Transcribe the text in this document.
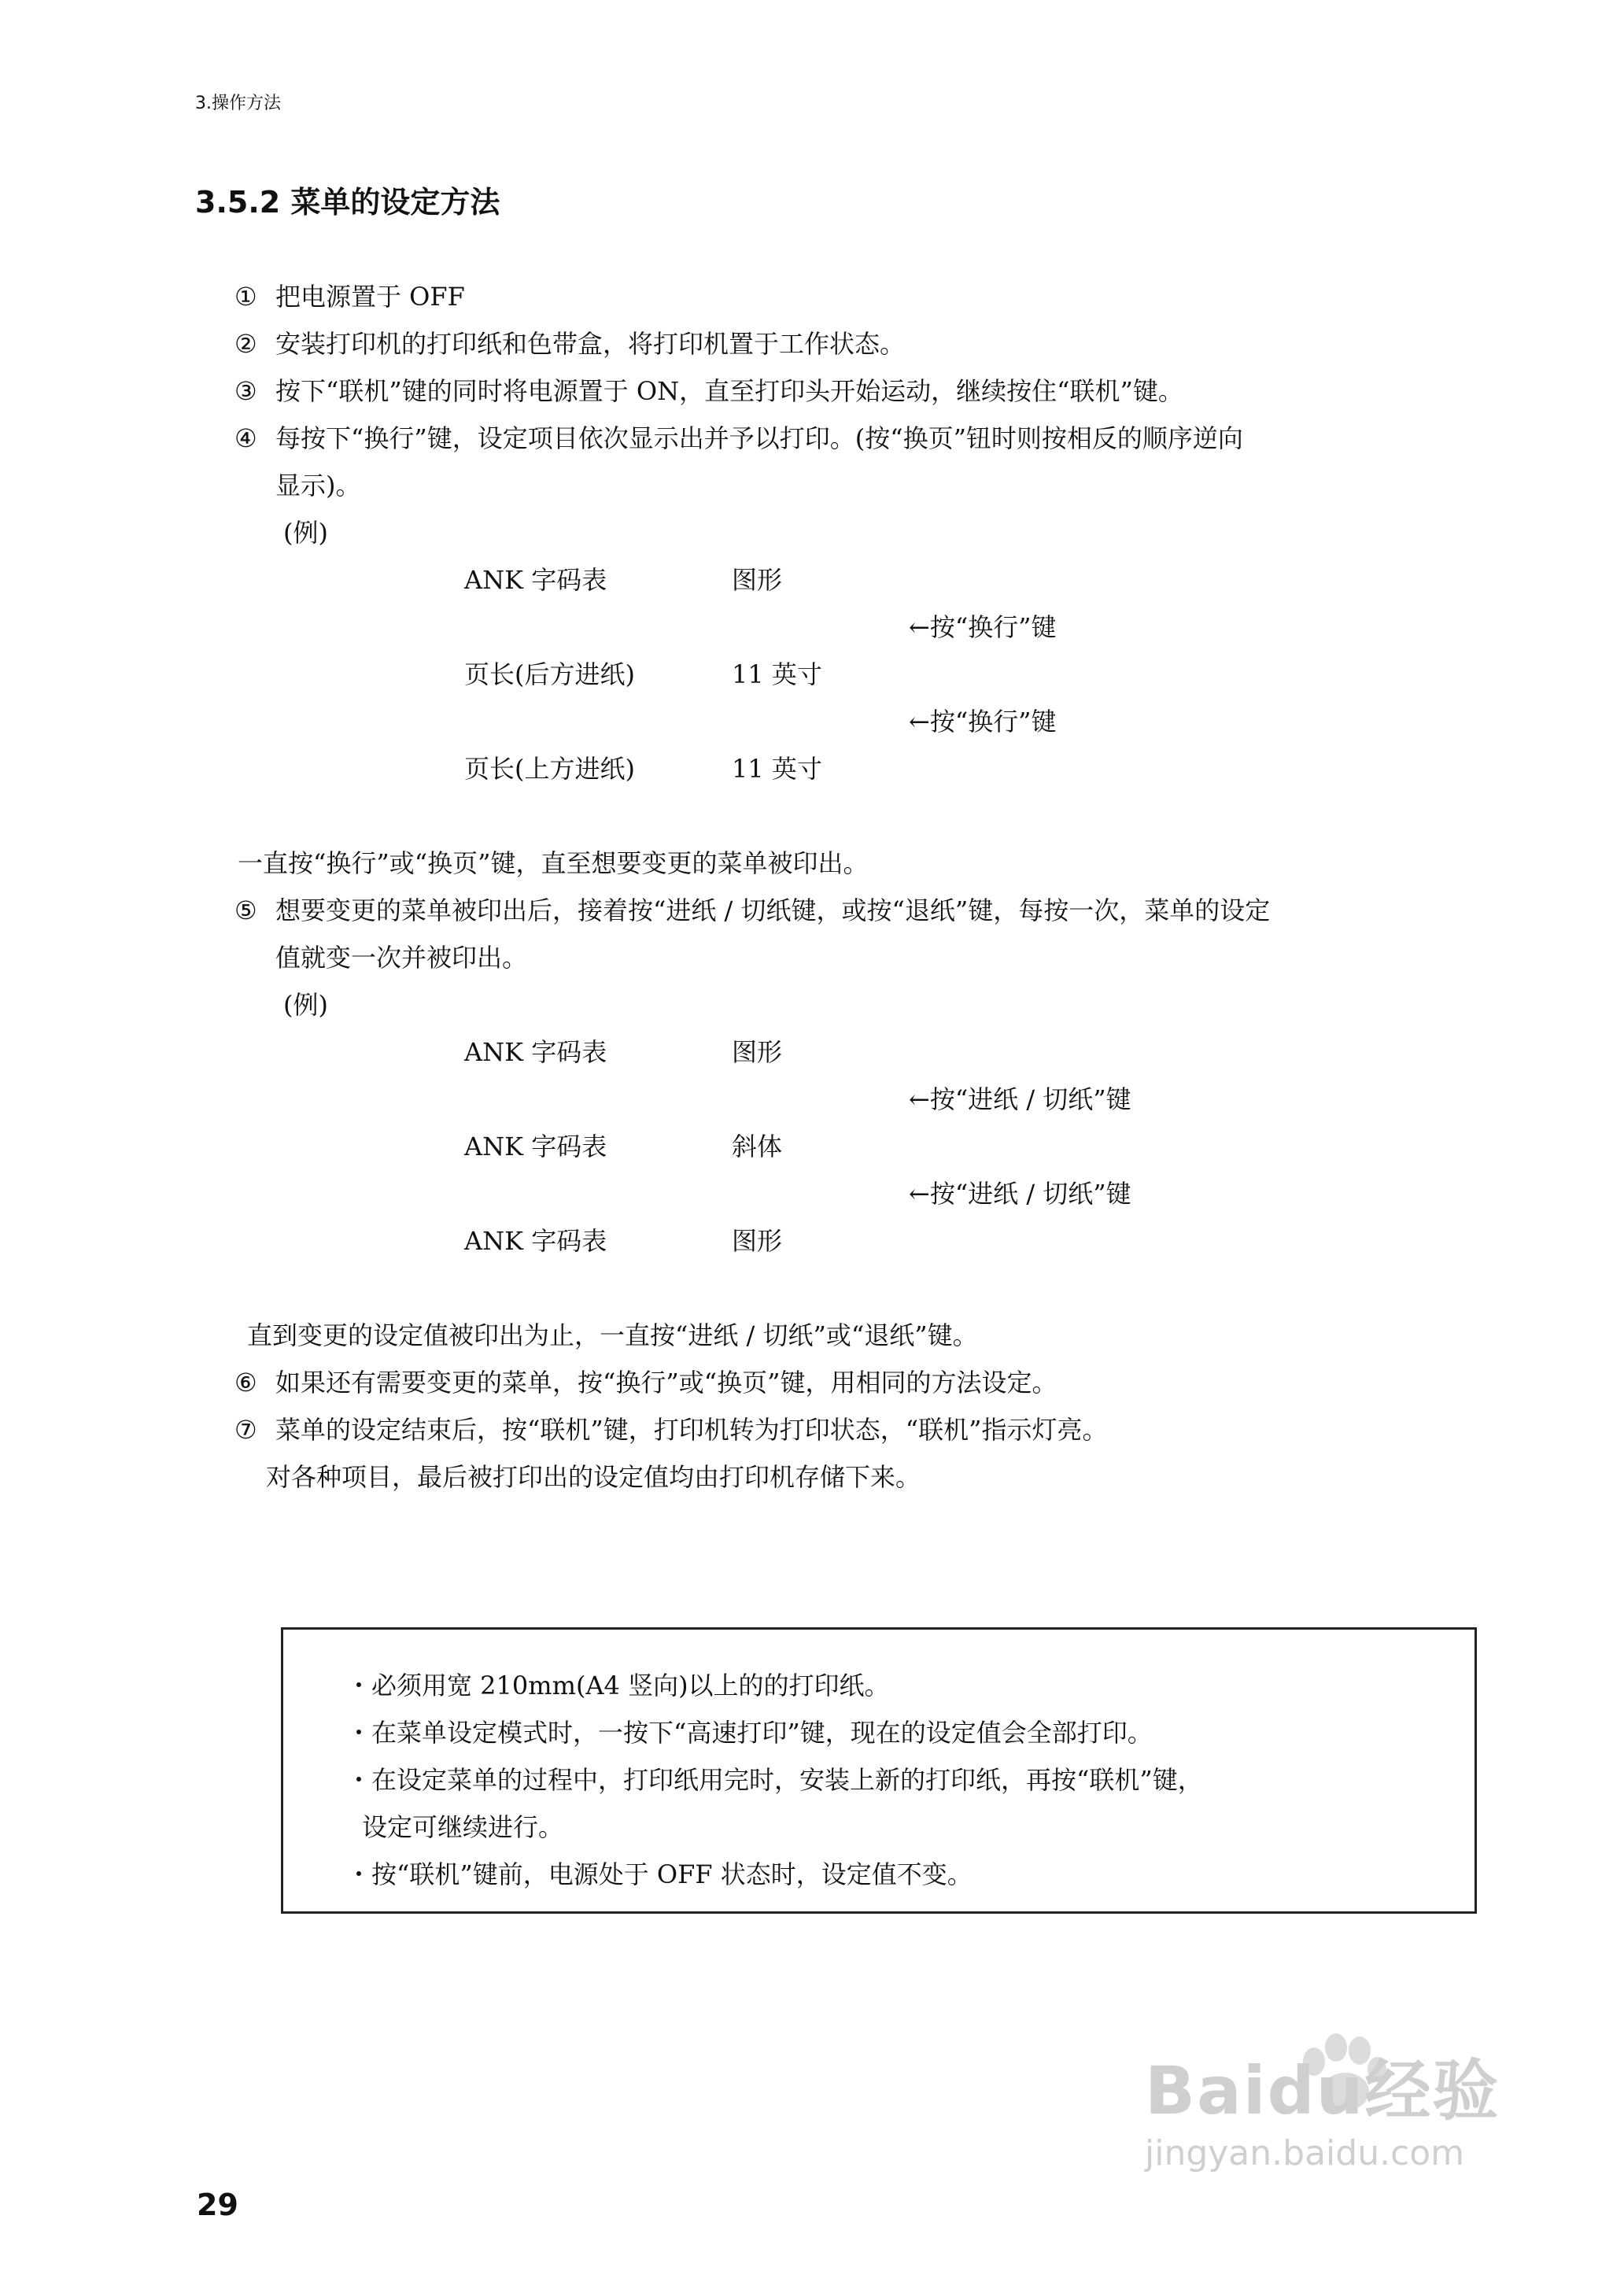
3.操作方法
3.5.2 菜单的设定方法
① 把电源置于 OFF
② 安装打印机的打印纸和色带盒，将打印机置于工作状态。
③ 按下“联机”键的同时将电源置于 ON，直至打印头开始运动，继续按住“联机”键。
④ 每按下“换行”键，设定项目依次显示出并予以打印。(按“换页”钮时则按相反的顺序逆向
显示)。
(例)
ANK 字码表	图形
←按“换行”键
页长(后方进纸)	11 英寸
←按“换行”键
页长(上方进纸)	11 英寸
一直按“换行”或“换页”键，直至想要变更的菜单被印出。
⑤ 想要变更的菜单被印出后，接着按“进纸 / 切纸键，或按“退纸”键，每按一次，菜单的设定
值就变一次并被印出。
(例)
ANK 字码表	图形
←按“进纸 / 切纸”键
ANK 字码表	斜体
←按“进纸 / 切纸”键
ANK 字码表	图形
直到变更的设定值被印出为止，一直按“进纸 / 切纸”或“退纸”键。
⑥ 如果还有需要变更的菜单，按“换行”或“换页”键，用相同的方法设定。
⑦ 菜单的设定结束后，按“联机”键，打印机转为打印状态，“联机”指示灯亮。
对各种项目，最后被打印出的设定值均由打印机存储下来。
・必须用宽 210mm(A4 竖向)以上的的打印纸。
・在菜单设定模式时，一按下“高速打印”键，现在的设定值会全部打印。
・在设定菜单的过程中，打印纸用完时，安装上新的打印纸，再按“联机”键，
设定可继续进行。
・按“联机”键前，电源处于 OFF 状态时，设定值不变。
Baidu经验
jingyan.baidu.com
29
